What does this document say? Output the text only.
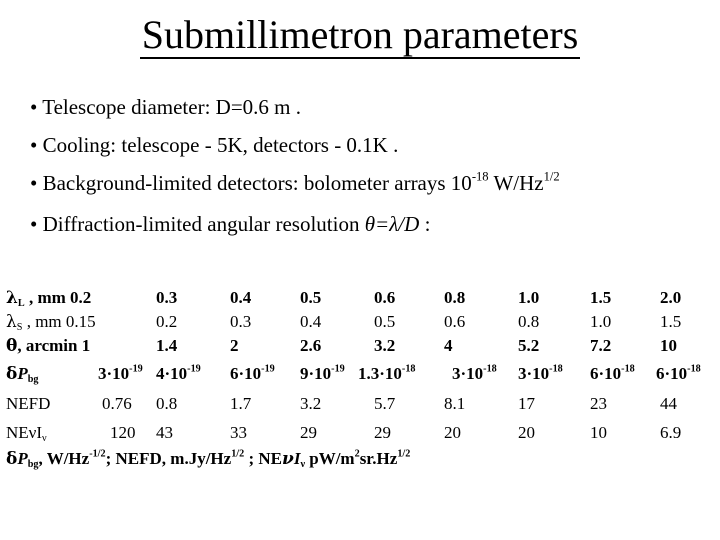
Submillimetron parameters
• Telescope diameter: D=0.6 m .
• Cooling: telescope - 5K, detectors - 0.1K .
• Background-limited detectors: bolometer arrays $10^{-18}$ $W/Hz^{1/2}$
• Diffraction-limited angular resolution θ=λ/D :
$\lambda_L$ , mm 0.2	0.3	0.4	0.5	0.6	0.8	1.0	1.5	2.0
$\lambda_S$ , mm 0.15	0.2	0.3	0.4	0.5	0.6	0.8	1.0	1.5
θ, arcmin 1	1.4	2	2.6	3.2	4	5.2	7.2	10
$\delta P_{bg}$	$3\cdot 10^{-19}$ $4\cdot 10^{-19}$ $6\cdot 10^{-19}$ $9\cdot 10^{-19}$ $1.3\cdot 10^{-18}$ $3\cdot 10^{-18}$ $3\cdot 10^{-18}$ $6\cdot 10^{-18}$ $6\cdot 10^{-18}$
NEFD	0.76 0.8	1.7	3.2	5.7	8.1	17	23	44
NEνI$_\nu$	120 43	33	29	29	20	20	10	6.9
$\delta P_{bg}$, $W/Hz^{-1/2}$; NEFD, $m.Jy/Hz^{1/2}$ ; NEνI$_\nu$ $pW/m^2sr.Hz^{1/2}$
